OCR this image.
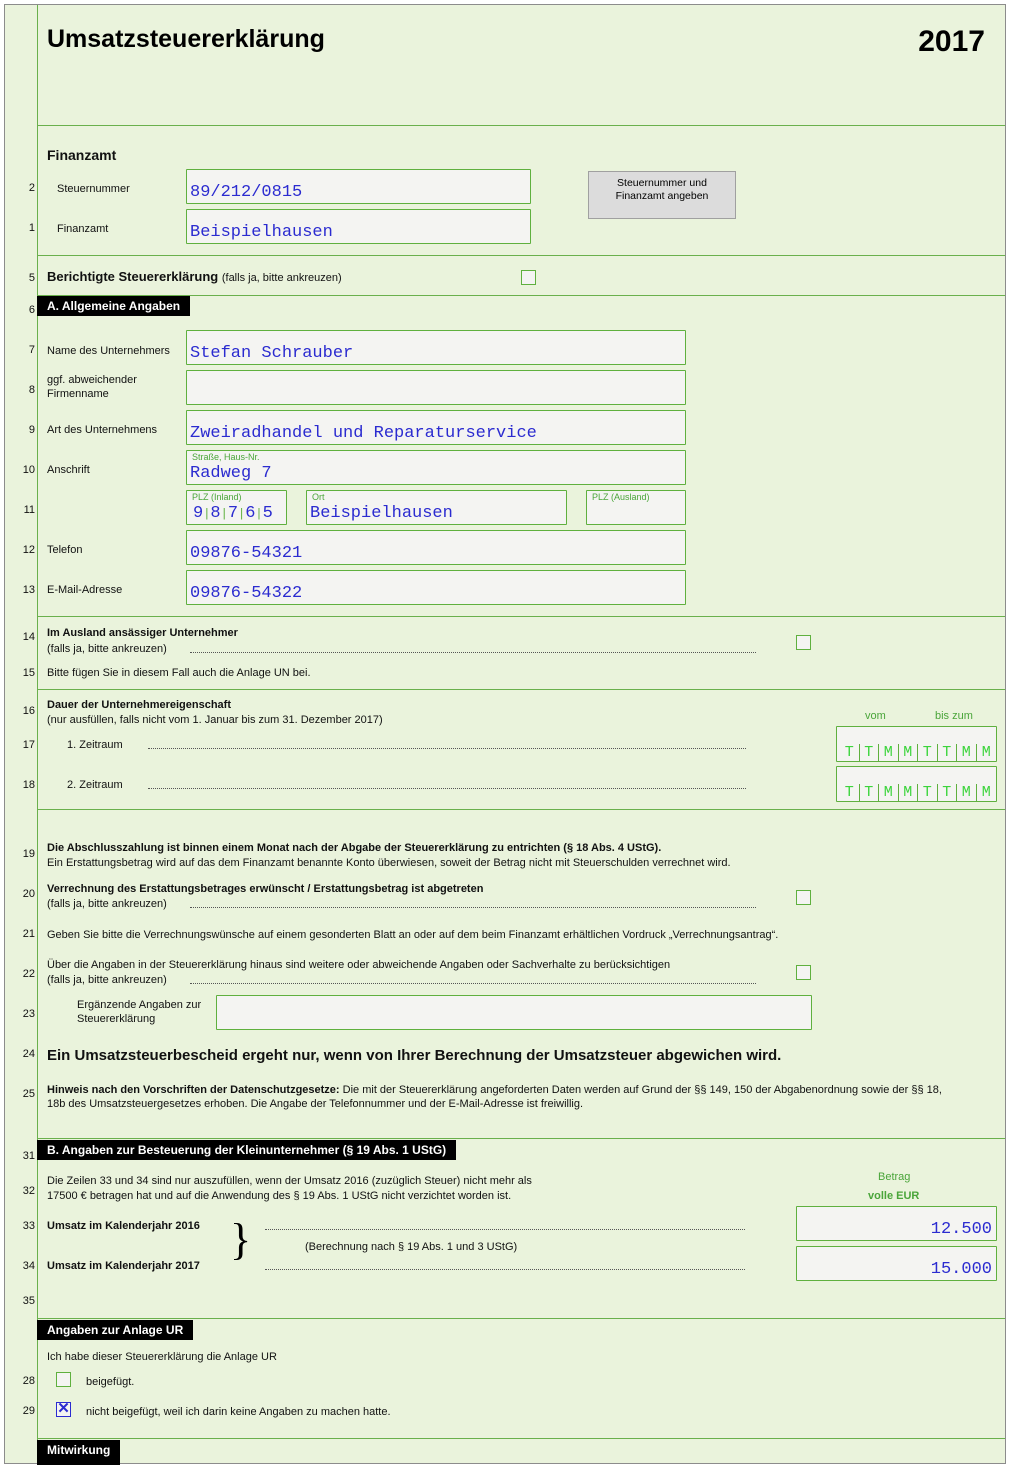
Umsatzsteuererklärung	2017
Finanzamt
2 Steuernummer	89/212/0815
1 Finanzamt	Beispielhausen
Steuernummer und Finanzamt angeben
5 Berichtigte Steuererklärung (falls ja, bitte ankreuzen)
6	A. Allgemeine Angaben
7 Name des Unternehmers Stefan Schrauber
8
ggf. abweichender Firmenname
9 Art des Unternehmens Zweiradhandel und Reparaturservice
10 Anschrift
Straße, Haus-Nr.
Radweg 7
11
PLZ (Inland)
9|8|7|6|5
Ort
Beispielhausen
PLZ (Ausland)
12 Telefon	09876-54321
13 E-Mail-Adresse	09876-54322
14 Im Ausland ansässiger Unternehmer
(falls ja, bitte ankreuzen)
15 Bitte fügen Sie in diesem Fall auch die Anlage UN bei.
16 Dauer der Unternehmereigenschaft
(nur ausfüllen, falls nicht vom 1. Januar bis zum 31. Dezember 2017)	vom	bis zum
17	1. Zeitraum	T T M M T T M M
18	2. Zeitraum	T T M M T T M M
19 Die Abschlusszahlung ist binnen einem Monat nach der Abgabe der Steuererklärung zu entrichten (§ 18 Abs. 4 UStG).
Ein Erstattungsbetrag wird auf das dem Finanzamt benannte Konto überwiesen, soweit der Betrag nicht mit Steuerschulden verrechnet wird.
20 Verrechnung des Erstattungsbetrages erwünscht / Erstattungsbetrag ist abgetreten
(falls ja, bitte ankreuzen)
21 Geben Sie bitte die Verrechnungswünsche auf einem gesonderten Blatt an oder auf dem beim Finanzamt erhältlichen Vordruck „Verrechnungsantrag“.
22
Über die Angaben in der Steuererklärung hinaus sind weitere oder abweichende Angaben oder Sachverhalte zu berücksichtigen
(falls ja, bitte ankreuzen)
23
Ergänzende Angaben zur Steuererklärung
24 Ein Umsatzsteuerbescheid ergeht nur, wenn von Ihrer Berechnung der Umsatzsteuer abgewichen wird.
25 Hinweis nach den Vorschriften der Datenschutzgesetze: Die mit der Steuererklärung angeforderten Daten werden auf Grund der §§ 149, 150 der Abgabenordnung sowie der §§ 18, 18b des Umsatzsteuergesetzes erhoben. Die Angabe der Telefonnummer und der E-Mail-Adresse ist freiwillig.
31	B. Angaben zur Besteuerung der Kleinunternehmer (§ 19 Abs. 1 UStG)
32
Die Zeilen 33 und 34 sind nur auszufüllen, wenn der Umsatz 2016 (zuzüglich Steuer) nicht mehr als
17500 € betragen hat und auf die Anwendung des § 19 Abs. 1 UStG nicht verzichtet worden ist.
Betrag
volle EUR
33 Umsatz im Kalenderjahr 2016 }	12.500
(Berechnung nach § 19 Abs. 1 und 3 UStG)
34 Umsatz im Kalenderjahr 2017	15.000
35
Angaben zur Anlage UR
Ich habe dieser Steuererklärung die Anlage UR
28	beigefügt.
29 ✕ nicht beigefügt, weil ich darin keine Angaben zu machen hatte.
Mitwirkung
